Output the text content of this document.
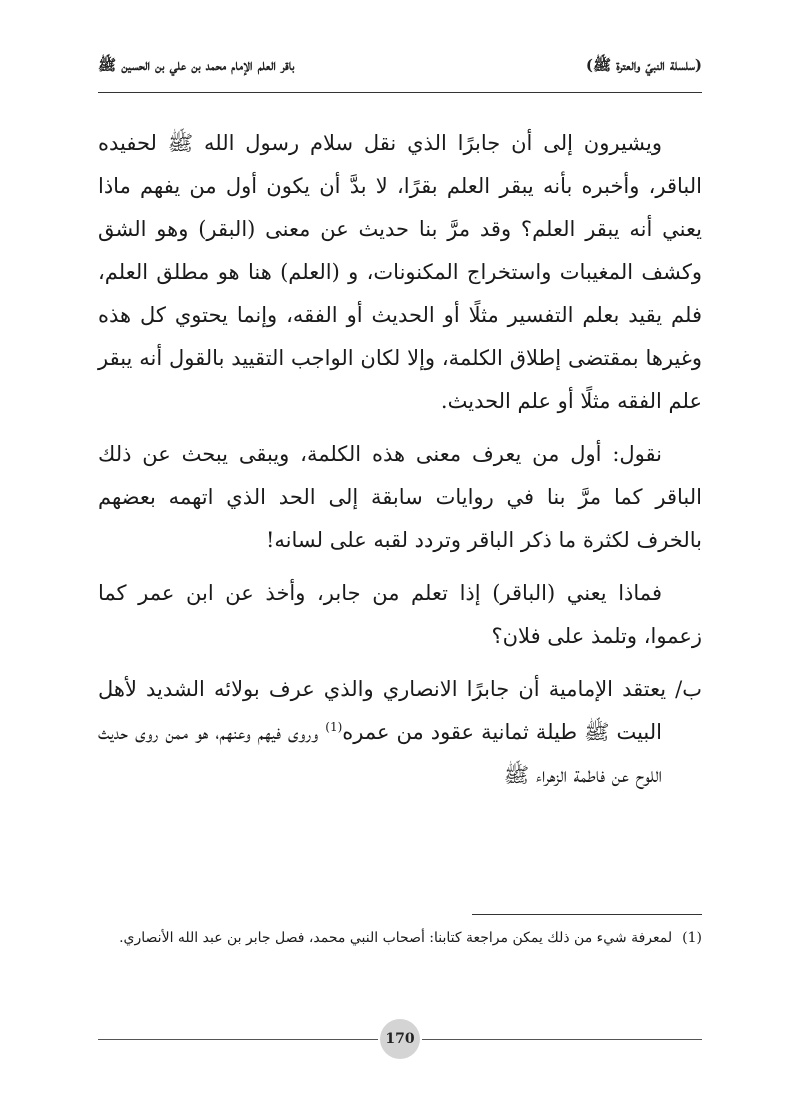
(سلسلة النبيّ والعترة ﷺ)
باقر العلم الإمام محمد بن علي بن الحسين ﷺ

ويشيرون إلى أن جابرًا الذي نقل سلام رسول الله ﷺ لحفيده الباقر، وأخبره بأنه يبقر العلم بقرًا، لا بدَّ أن يكون أول من يفهم ماذا يعني أنه يبقر العلم؟ وقد مرَّ بنا حديث عن معنى (البقر) وهو الشق وكشف المغيبات واستخراج المكنونات، و (العلم) هنا هو مطلق العلم، فلم يقيد بعلم التفسير مثلًا أو الحديث أو الفقه، وإنما يحتوي كل هذه وغيرها بمقتضى إطلاق الكلمة، وإلا لكان الواجب التقييد بالقول أنه يبقر علم الفقه مثلًا أو علم الحديث.

نقول: أول من يعرف معنى هذه الكلمة، ويبقى يبحث عن ذلك الباقر كما مرَّ بنا في روايات سابقة إلى الحد الذي اتهمه بعضهم بالخرف لكثرة ما ذكر الباقر وتردد لقبه على لسانه!

فماذا يعني (الباقر) إذا تعلم من جابر، وأخذ عن ابن عمر كما زعموا، وتلمذ على فلان؟

ب/ يعتقد الإمامية أن جابرًا الانصاري والذي عرف بولائه الشديد لأهل البيت ﷺ طيلة ثمانية عقود من عمره$^{(1)}$ وروى فيهم وعنهم، هو ممن روى حديث اللوح عن فاطمة الزهراء ﷺ

(1)
لمعرفة شيء من ذلك يمكن مراجعة كتابنا: أصحاب النبي محمد، فصل جابر بن عبد الله الأنصاري.
170
